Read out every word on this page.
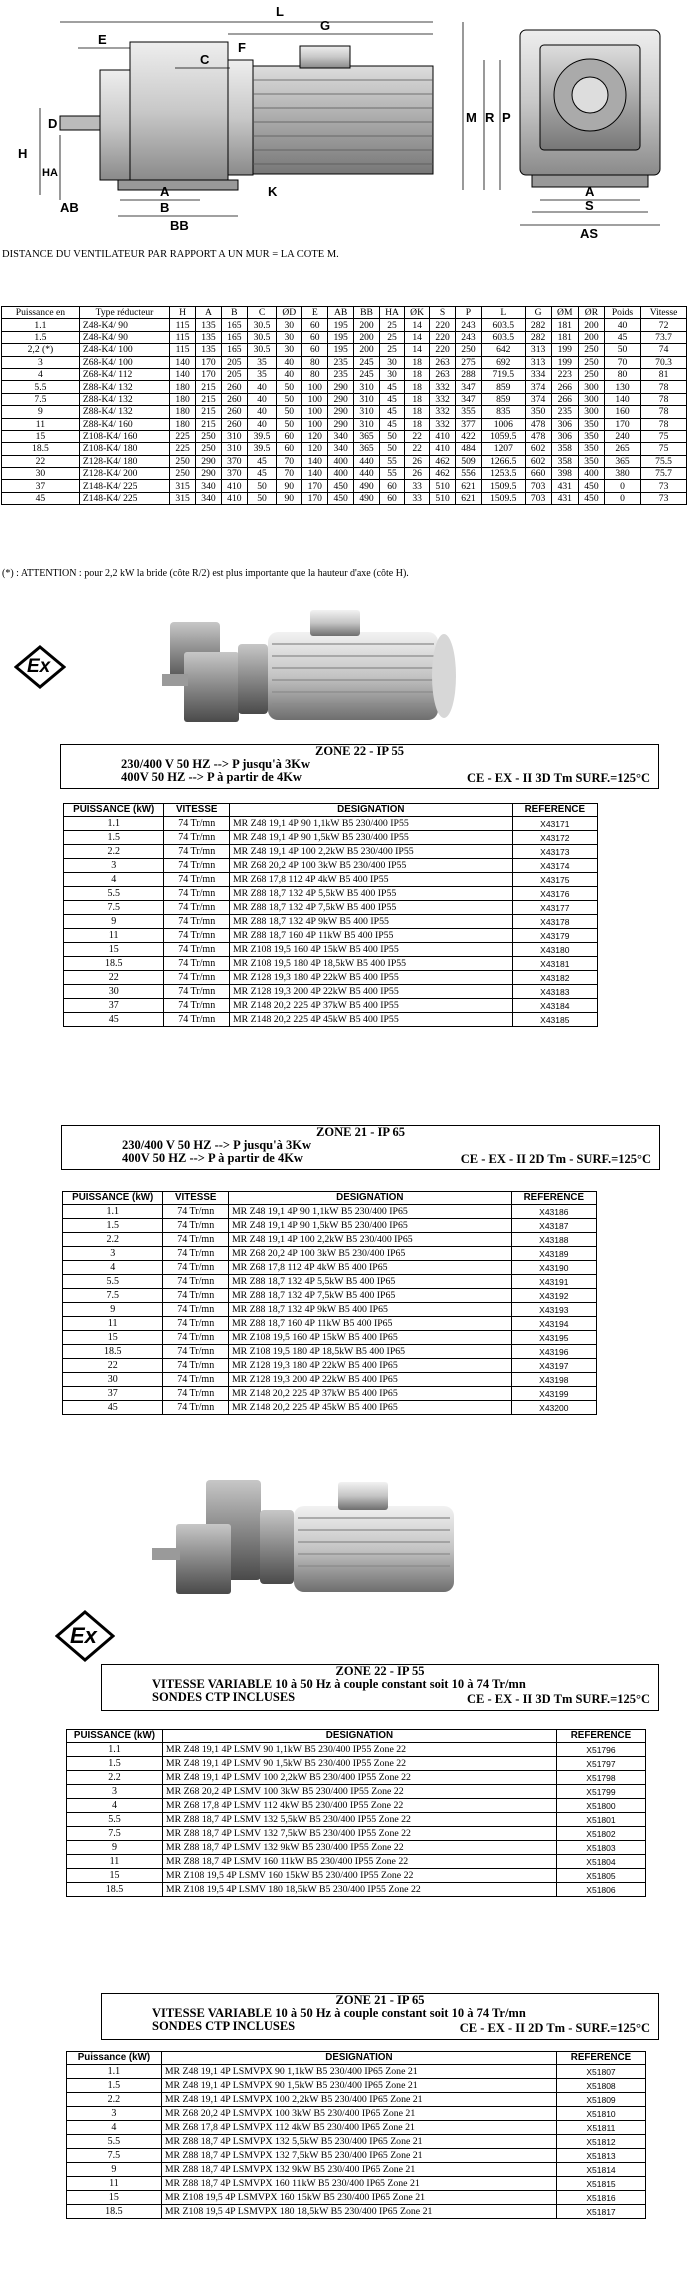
L
G
E
C
F
D
H
HA
A
AB	B
BB
K
M R P
A
S
AS
DISTANCE DU VENTILATEUR PAR RAPPORT A UN MUR = LA COTE M.
Puissance en	Type réducteur	H	A	B	C	ØD	E	AB	BB	HA	ØK	S	P	L	G	ØM	ØR	Poids	Vitesse
1.1	Z48-K4/ 90	115	135	165	30.5	30	60	195	200	25	14	220	243	603.5	282	181	200	40	72
1.5	Z48-K4/ 90	115	135	165	30.5	30	60	195	200	25	14	220	243	603.5	282	181	200	45	73.7
2,2 (*)	Z48-K4/ 100	115	135	165	30.5	30	60	195	200	25	14	220	250	642	313	199	250	50	74
3	Z68-K4/ 100	140	170	205	35	40	80	235	245	30	18	263	275	692	313	199	250	70	70.3
4	Z68-K4/ 112	140	170	205	35	40	80	235	245	30	18	263	288	719.5	334	223	250	80	81
5.5	Z88-K4/ 132	180	215	260	40	50	100	290	310	45	18	332	347	859	374	266	300	130	78
7.5	Z88-K4/ 132	180	215	260	40	50	100	290	310	45	18	332	347	859	374	266	300	140	78
9	Z88-K4/ 132	180	215	260	40	50	100	290	310	45	18	332	355	835	350	235	300	160	78
11	Z88-K4/ 160	180	215	260	40	50	100	290	310	45	18	332	377	1006	478	306	350	170	78
15	Z108-K4/ 160	225	250	310	39.5	60	120	340	365	50	22	410	422	1059.5	478	306	350	240	75
18.5	Z108-K4/ 180	225	250	310	39.5	60	120	340	365	50	22	410	484	1207	602	358	350	265	75
22	Z128-K4/ 180	250	290	370	45	70	140	400	440	55	26	462	509	1266.5	602	358	350	365	75.5
30	Z128-K4/ 200	250	290	370	45	70	140	400	440	55	26	462	556	1253.5	660	398	400	380	75.7
37	Z148-K4/ 225	315	340	410	50	90	170	450	490	60	33	510	621	1509.5	703	431	450	0	73
45	Z148-K4/ 225	315	340	410	50	90	170	450	490	60	33	510	621	1509.5	703	431	450	0	73
(*) : ATTENTION : pour 2,2 kW la bride (côte R/2) est plus importante que la hauteur d'axe (côte H).
Ex
ZONE 22 - IP 55
230/400 V 50 HZ --> P jusqu'à 3Kw
400V 50 HZ --> P à partir de 4Kw	CE - EX - II 3D Tm SURF.=125°C
PUISSANCE (kW)	VITESSE	DESIGNATION	REFERENCE
1.1	74 Tr/mn	MR Z48 19,1 4P 90 1,1kW B5 230/400 IP55	X43171
1.5	74 Tr/mn	MR Z48 19,1 4P 90 1,5kW B5 230/400 IP55	X43172
2.2	74 Tr/mn	MR Z48 19,1 4P 100 2,2kW B5 230/400 IP55	X43173
3	74 Tr/mn	MR Z68 20,2 4P 100 3kW B5 230/400 IP55	X43174
4	74 Tr/mn	MR Z68 17,8 112 4P 4kW B5 400 IP55	X43175
5.5	74 Tr/mn	MR Z88 18,7 132 4P 5,5kW B5 400 IP55	X43176
7.5	74 Tr/mn	MR Z88 18,7 132 4P 7,5kW B5 400 IP55	X43177
9	74 Tr/mn	MR Z88 18,7 132 4P 9kW B5 400 IP55	X43178
11	74 Tr/mn	MR Z88 18,7 160 4P 11kW B5 400 IP55	X43179
15	74 Tr/mn	MR Z108 19,5 160 4P 15kW B5 400 IP55	X43180
18.5	74 Tr/mn	MR Z108 19,5 180 4P 18,5kW B5 400 IP55	X43181
22	74 Tr/mn	MR Z128 19,3 180 4P 22kW B5 400 IP55	X43182
30	74 Tr/mn	MR Z128 19,3 200 4P 22kW B5 400 IP55	X43183
37	74 Tr/mn	MR Z148 20,2 225 4P 37kW B5 400 IP55	X43184
45	74 Tr/mn	MR Z148 20,2 225 4P 45kW B5 400 IP55	X43185
ZONE 21 - IP 65
230/400 V 50 HZ --> P jusqu'à 3Kw
400V 50 HZ --> P à partir de 4Kw	CE - EX - II 2D Tm - SURF.=125°C
PUISSANCE (kW)	VITESSE	DESIGNATION	REFERENCE
1.1	74 Tr/mn	MR Z48 19,1 4P 90 1,1kW B5 230/400 IP65	X43186
1.5	74 Tr/mn	MR Z48 19,1 4P 90 1,5kW B5 230/400 IP65	X43187
2.2	74 Tr/mn	MR Z48 19,1 4P 100 2,2kW B5 230/400 IP65	X43188
3	74 Tr/mn	MR Z68 20,2 4P 100 3kW B5 230/400 IP65	X43189
4	74 Tr/mn	MR Z68 17,8 112 4P 4kW B5 400 IP65	X43190
5.5	74 Tr/mn	MR Z88 18,7 132 4P 5,5kW B5 400 IP65	X43191
7.5	74 Tr/mn	MR Z88 18,7 132 4P 7,5kW B5 400 IP65	X43192
9	74 Tr/mn	MR Z88 18,7 132 4P 9kW B5 400 IP65	X43193
11	74 Tr/mn	MR Z88 18,7 160 4P 11kW B5 400 IP65	X43194
15	74 Tr/mn	MR Z108 19,5 160 4P 15kW B5 400 IP65	X43195
18.5	74 Tr/mn	MR Z108 19,5 180 4P 18,5kW B5 400 IP65	X43196
22	74 Tr/mn	MR Z128 19,3 180 4P 22kW B5 400 IP65	X43197
30	74 Tr/mn	MR Z128 19,3 200 4P 22kW B5 400 IP65	X43198
37	74 Tr/mn	MR Z148 20,2 225 4P 37kW B5 400 IP65	X43199
45	74 Tr/mn	MR Z148 20,2 225 4P 45kW B5 400 IP65	X43200
Ex
ZONE 22 - IP 55
VITESSE VARIABLE 10 à 50 Hz à couple constant soit 10 à 74 Tr/mn
SONDES CTP INCLUSES	CE - EX - II 3D Tm SURF.=125°C
PUISSANCE (kW)	DESIGNATION	REFERENCE
1.1	MR Z48 19,1 4P LSMV 90 1,1kW B5 230/400 IP55 Zone 22	X51796
1.5	MR Z48 19,1 4P LSMV 90 1,5kW B5 230/400 IP55 Zone 22	X51797
2.2	MR Z48 19,1 4P LSMV 100 2,2kW B5 230/400 IP55 Zone 22	X51798
3	MR Z68 20,2 4P LSMV 100 3kW B5 230/400 IP55 Zone 22	X51799
4	MR Z68 17,8 4P LSMV 112 4kW B5 230/400 IP55 Zone 22	X51800
5.5	MR Z88 18,7 4P LSMV 132 5,5kW B5 230/400 IP55 Zone 22	X51801
7.5	MR Z88 18,7 4P LSMV 132 7,5kW B5 230/400 IP55 Zone 22	X51802
9	MR Z88 18,7 4P LSMV 132 9kW B5 230/400 IP55 Zone 22	X51803
11	MR Z88 18,7 4P LSMV 160 11kW B5 230/400 IP55 Zone 22	X51804
15	MR Z108 19,5 4P LSMV 160 15kW B5 230/400 IP55 Zone 22	X51805
18.5	MR Z108 19,5 4P LSMV 180 18,5kW B5 230/400 IP55 Zone 22	X51806
ZONE 21 - IP 65
VITESSE VARIABLE 10 à 50 Hz à couple constant soit 10 à 74 Tr/mn
SONDES CTP INCLUSES	CE - EX - II 2D Tm - SURF.=125°C
Puissance (kW)	DESIGNATION	REFERENCE
1.1	MR Z48 19,1 4P LSMVPX 90 1,1kW B5 230/400 IP65 Zone 21	X51807
1.5	MR Z48 19,1 4P LSMVPX 90 1,5kW B5 230/400 IP65 Zone 21	X51808
2.2	MR Z48 19,1 4P LSMVPX 100 2,2kW B5 230/400 IP65 Zone 21	X51809
3	MR Z68 20,2 4P LSMVPX 100 3kW B5 230/400 IP65 Zone 21	X51810
4	MR Z68 17,8 4P LSMVPX 112 4kW B5 230/400 IP65 Zone 21	X51811
5.5	MR Z88 18,7 4P LSMVPX 132 5,5kW B5 230/400 IP65 Zone 21	X51812
7.5	MR Z88 18,7 4P LSMVPX 132 7,5kW B5 230/400 IP65 Zone 21	X51813
9	MR Z88 18,7 4P LSMVPX 132 9kW B5 230/400 IP65 Zone 21	X51814
11	MR Z88 18,7 4P LSMVPX 160 11kW B5 230/400 IP65 Zone 21	X51815
15	MR Z108 19,5 4P LSMVPX 160 15kW B5 230/400 IP65 Zone 21	X51816
18.5	MR Z108 19,5 4P LSMVPX 180 18,5kW B5 230/400 IP65 Zone 21	X51817
